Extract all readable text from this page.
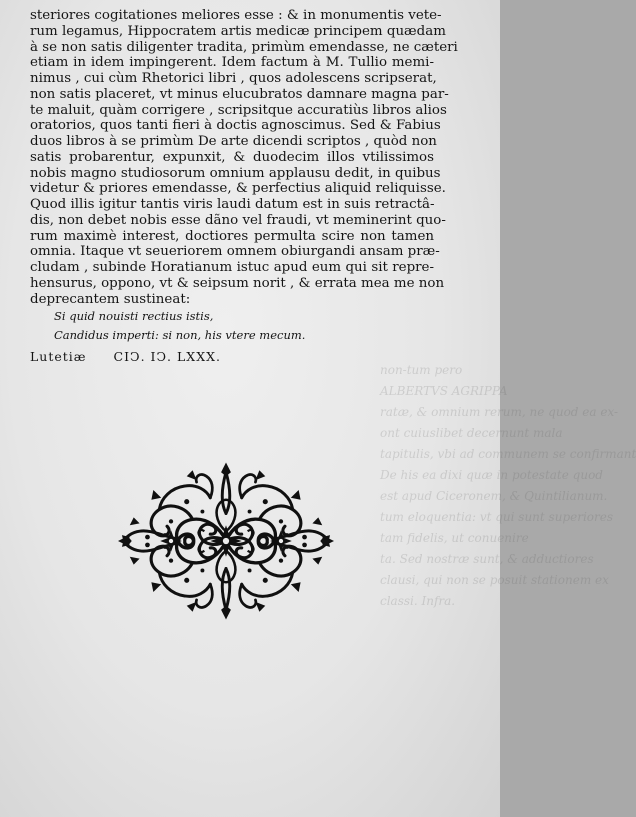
non-tum pero
ALBERTVS AGRIPPA
ratæ, & omnium rerum, ne quod ea ex-
ont cuiuslibet decernunt mala
tapitulis, vbi ad communem se confirmant
De his ea dixi quæ in potestate quod
est apud Ciceronem, & Quintilianum.
tum eloquentia: vt qui sunt superiores
tam fidelis, ut conuenire
ta. Sed nostræ sunt, & adductiores
clausi, qui non se posuit stationem ex
classi. Infra.
steriores cogitationes meliores esse : & in monumentis vete-
rum legamus, Hippocratem artis medicæ principem quædam
à se non satis diligenter tradita, primùm emendasse, ne cæteri
etiam in idem impingerent. Idem factum à M. Tullio memi-
nimus , cui cùm Rhetorici libri , quos adolescens scripserat,
non satis placeret, vt minus elucubratos damnare magna par-
te maluit, quàm corrigere , scripsitque accuratiùs libros alios
oratorios, quos tanti fieri à doctis agnoscimus. Sed & Fabius
duos libros à se primùm De arte dicendi scriptos , quòd non
satis probarentur, expunxit, & duodecim illos vtilissimos
nobis magno studiosorum omnium applausu dedit, in quibus
videtur & priores emendasse, & perfectius aliquid reliquisse.
Quod illis igitur tantis viris laudi datum est in suis retractâ-
dis, non debet nobis esse dãno vel fraudi, vt meminerint quo-
rum maximè interest, doctiores permulta scire non tamen
omnia. Itaque vt seueriorem omnem obiurgandi ansam præ-
cludam , subinde Horatianum istuc apud eum qui sit repre-
hensurus, oppono, vt & seipsum norit , & errata mea me non
deprecantem sustineat:
Si quid nouisti rectius istis,
Candidus imperti: si non, his vtere mecum.
Lutetiæ CIↃ. IↃ. LXXX.
